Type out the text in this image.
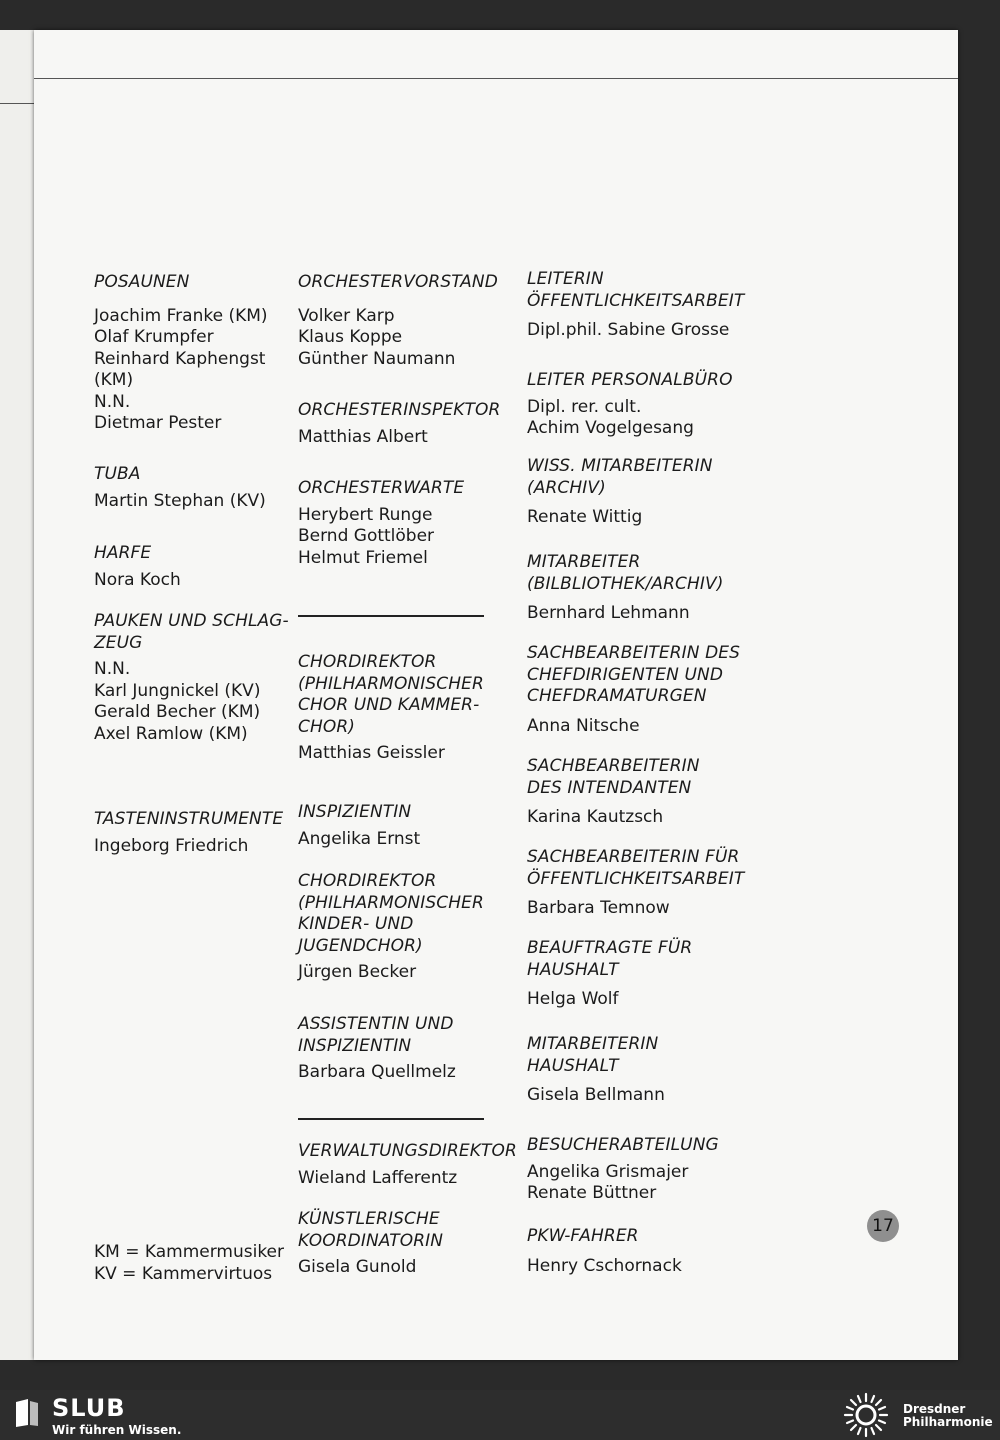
POSAUNEN

Joachim Franke (KM)

Olaf Krumpfer

Reinhard Kaphengst

(KM)

N.N.

Dietmar Pester

TUBA

Martin Stephan (KV)

HARFE

Nora Koch

PAUKEN UND SCHLAG-

ZEUG

N.N.

Karl Jungnickel (KV)

Gerald Becher (KM)

Axel Ramlow (KM)

TASTENINSTRUMENTE

Ingeborg Friedrich

KM = Kammermusiker
KV = Kammervirtuos

ORCHESTERVORSTAND

Volker Karp

Klaus Koppe

Günther Naumann

ORCHESTERINSPEKTOR

Matthias Albert

ORCHESTERWARTE

Herybert Runge

Bernd Gottlöber

Helmut Friemel

CHORDIREKTOR

(PHILHARMONISCHER

CHOR UND KAMMER-

CHOR)

Matthias Geissler

INSPIZIENTIN

Angelika Ernst

CHORDIREKTOR

(PHILHARMONISCHER

KINDER- UND

JUGENDCHOR)

Jürgen Becker

ASSISTENTIN UND

INSPIZIENTIN

Barbara Quellmelz

VERWALTUNGSDIREKTOR

Wieland Lafferentz

KÜNSTLERISCHE

KOORDINATORIN

Gisela Gunold

LEITERIN

ÖFFENTLICHKEITSARBEIT

Dipl.phil. Sabine Grosse

LEITER PERSONALBÜRO

Dipl. rer. cult.

Achim Vogelgesang

WISS. MITARBEITERIN

(ARCHIV)

Renate Wittig

MITARBEITER

(BILBLIOTHEK/ARCHIV)

Bernhard Lehmann

SACHBEARBEITERIN DES

CHEFDIRIGENTEN UND

CHEFDRAMATURGEN

Anna Nitsche

SACHBEARBEITERIN

DES INTENDANTEN

Karina Kautzsch

SACHBEARBEITERIN FÜR

ÖFFENTLICHKEITSARBEIT

Barbara Temnow

BEAUFTRAGTE FÜR

HAUSHALT

Helga Wolf

MITARBEITERIN

HAUSHALT

Gisela Bellmann

BESUCHERABTEILUNG

Angelika Grismajer

Renate Büttner

PKW-FAHRER

Henry Cschornack

17
SLUB
Wir führen Wissen.
Dresdner
Philharmonie
